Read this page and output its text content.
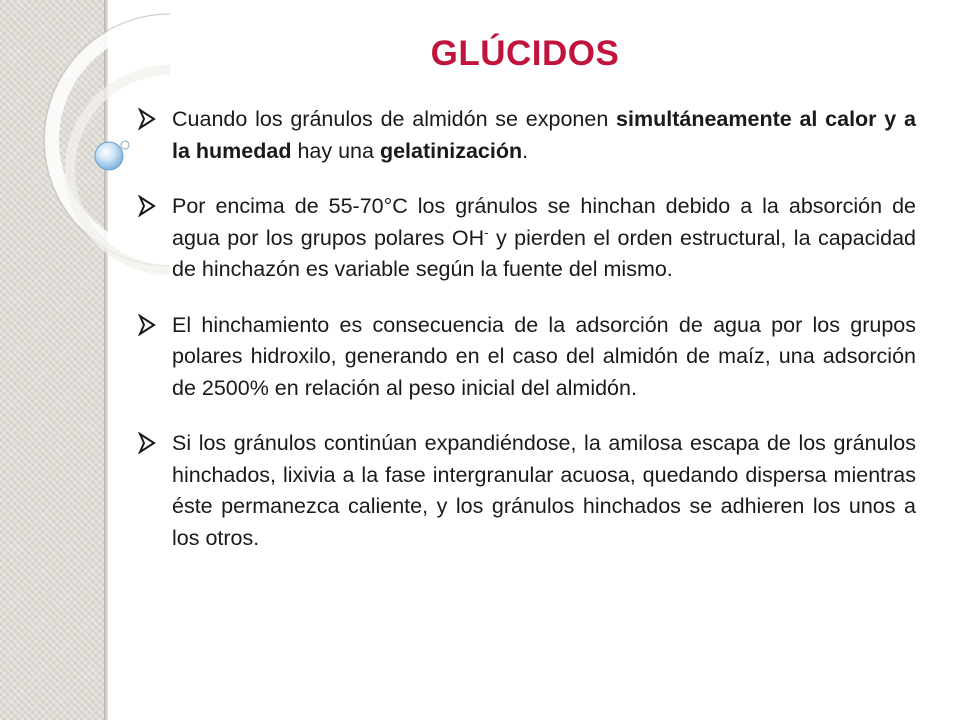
GLÚCIDOS
Cuando los gránulos de almidón se exponen simultáneamente al calor y a la humedad hay una gelatinización.
Por encima de 55-70°C los gránulos se hinchan debido a la absorción de agua por los grupos polares OH- y pierden el orden estructural, la capacidad de hinchazón es variable según la fuente del mismo.
El hinchamiento es consecuencia de la adsorción de agua por los grupos polares hidroxilo, generando en el caso del almidón de maíz, una adsorción de 2500% en relación al peso inicial del almidón.
Si los gránulos continúan expandiéndose, la amilosa escapa de los gránulos hinchados, lixivia a la fase intergranular acuosa, quedando dispersa mientras éste permanezca caliente, y los gránulos hinchados se adhieren los unos a los otros.
